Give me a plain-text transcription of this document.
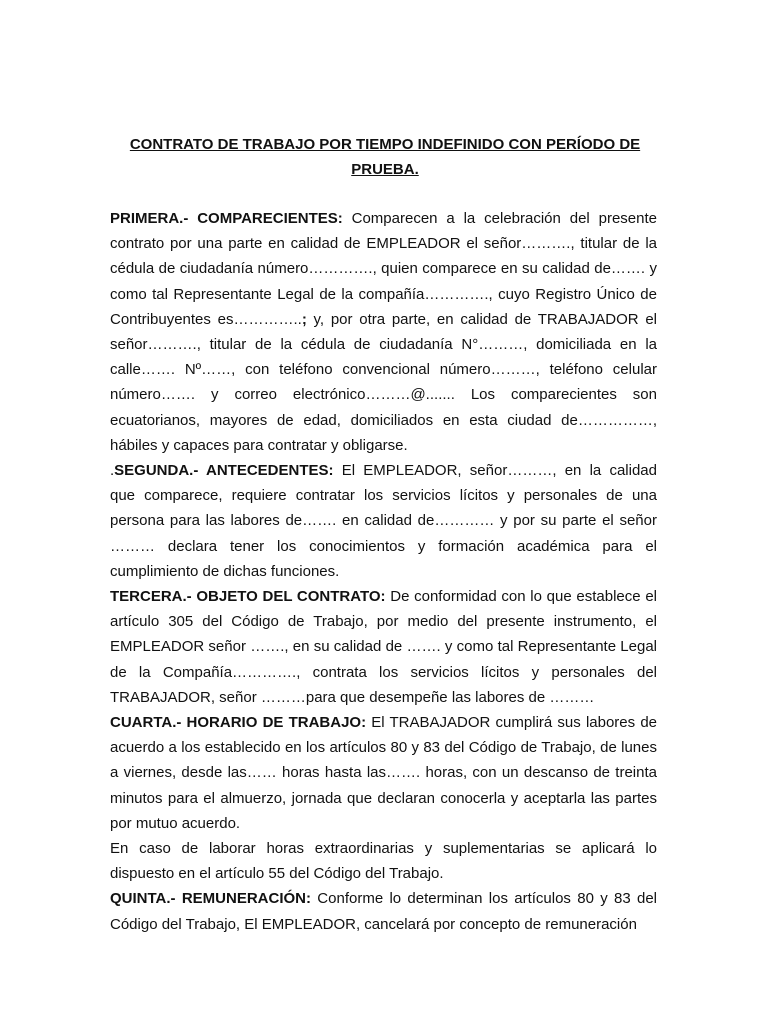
CONTRATO DE TRABAJO POR TIEMPO INDEFINIDO CON PERÍODO DE PRUEBA.

PRIMERA.- COMPARECIENTES: Comparecen a la celebración del presente contrato por una parte en calidad de EMPLEADOR el señor………., titular de la cédula de ciudadanía número…………., quien comparece en su calidad de……. y como tal Representante Legal de la compañía…………., cuyo Registro Único de Contribuyentes es…………..; y, por otra parte, en calidad de TRABAJADOR el señor………., titular de la cédula de ciudadanía N°………, domiciliada en la calle……. Nº……, con teléfono convencional número………, teléfono celular número……. y correo electrónico………@....... Los comparecientes son ecuatorianos, mayores de edad, domiciliados en esta ciudad de……………, hábiles y capaces para contratar y obligarse.

.SEGUNDA.- ANTECEDENTES: El EMPLEADOR, señor………, en la calidad que comparece, requiere contratar los servicios lícitos y personales de una persona para las labores de……. en calidad de………… y por su parte el señor ……… declara tener los conocimientos y formación académica para el cumplimiento de dichas funciones.

TERCERA.- OBJETO DEL CONTRATO: De conformidad con lo que establece el artículo 305 del Código de Trabajo, por medio del presente instrumento, el EMPLEADOR señor ……., en su calidad de ……. y como tal Representante Legal de la Compañía…………., contrata los servicios lícitos y personales del TRABAJADOR, señor ………para que desempeñe las labores de ………

CUARTA.- HORARIO DE TRABAJO: El TRABAJADOR cumplirá sus labores de acuerdo a los establecido en los artículos 80 y 83 del Código de Trabajo, de lunes a viernes, desde las…… horas hasta las……. horas, con un descanso de treinta minutos para el almuerzo, jornada que declaran conocerla y aceptarla las partes por mutuo acuerdo.

En caso de laborar horas extraordinarias y suplementarias se aplicará lo dispuesto en el artículo 55 del Código del Trabajo.

QUINTA.- REMUNERACIÓN: Conforme lo determinan los artículos 80 y 83 del Código del Trabajo, El EMPLEADOR, cancelará por concepto de remuneración
